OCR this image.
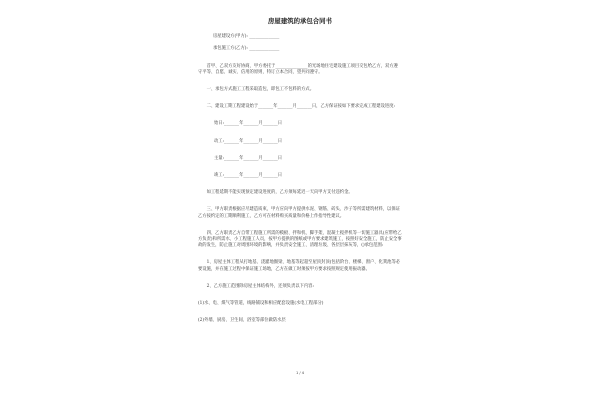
房屋建筑的承包合同书

房屋建设方(甲方): ______________

承包施工方(乙方): ______________

首甲、乙双方友好协商，甲方委托于_______________的光场地住宅建设施工项目交包给乙方，双方遵守平等、自愿、诚实、信用的原则，特订立本合同，望共同遵守。

一、承包方式施工工程采取造包，即包工不包料的方式。

二、建设工期工程建设始于_______年_______月_______日，乙方保证按如下要求完成工程建设进度:

始日:_______年_______月_______日

动工:_______年_______月_______日

主量:_______年_______月_______日

竣工:_______年_______月_______日

如工程延期不能实现预定建设进度的，乙方须每延迟一天向甲方支付违约金。

三、甲方职责根据应尽建造质束，甲方应向甲方提供水泥、钢筋、砖头、沙子等所需建筑材料，以保证乙方按约定的工期顺利施工，乙方可在材料购买质量和价格上作指导性建议。

四、乙方职责乙方自带工程施工所需的模板、拌和机、脚手架、混凝土搅拌机等一切施工器具(应带给乙方负责)和所需水、小工程施工人员，按甲方提供的图纸或甲方要求建筑施工，按照好安全施工，防止安全事故的发生，防止施工对周围环境的影响，并负责安全施工、清理垃圾、各层层抹灰等，()承包范围:

1、房屋主体工程从打地基、浇灌地圈梁、地基等起超至屋顶封顶(包括阶台、楼梯、窗户、化粪池等必要设施，并在施工过程中保证施工场地，乙方在做工时须按甲方要求按照规定使用振动器。

2、乙方施工范围除房屋主体结构外，还须负责以下内容:

(1)水、电、煤气等管道，线路铺设和相应配套设施(水电工程部分)

(2)外墙、厨房、卫生间、浴室等部位做防水层

1 / 4
